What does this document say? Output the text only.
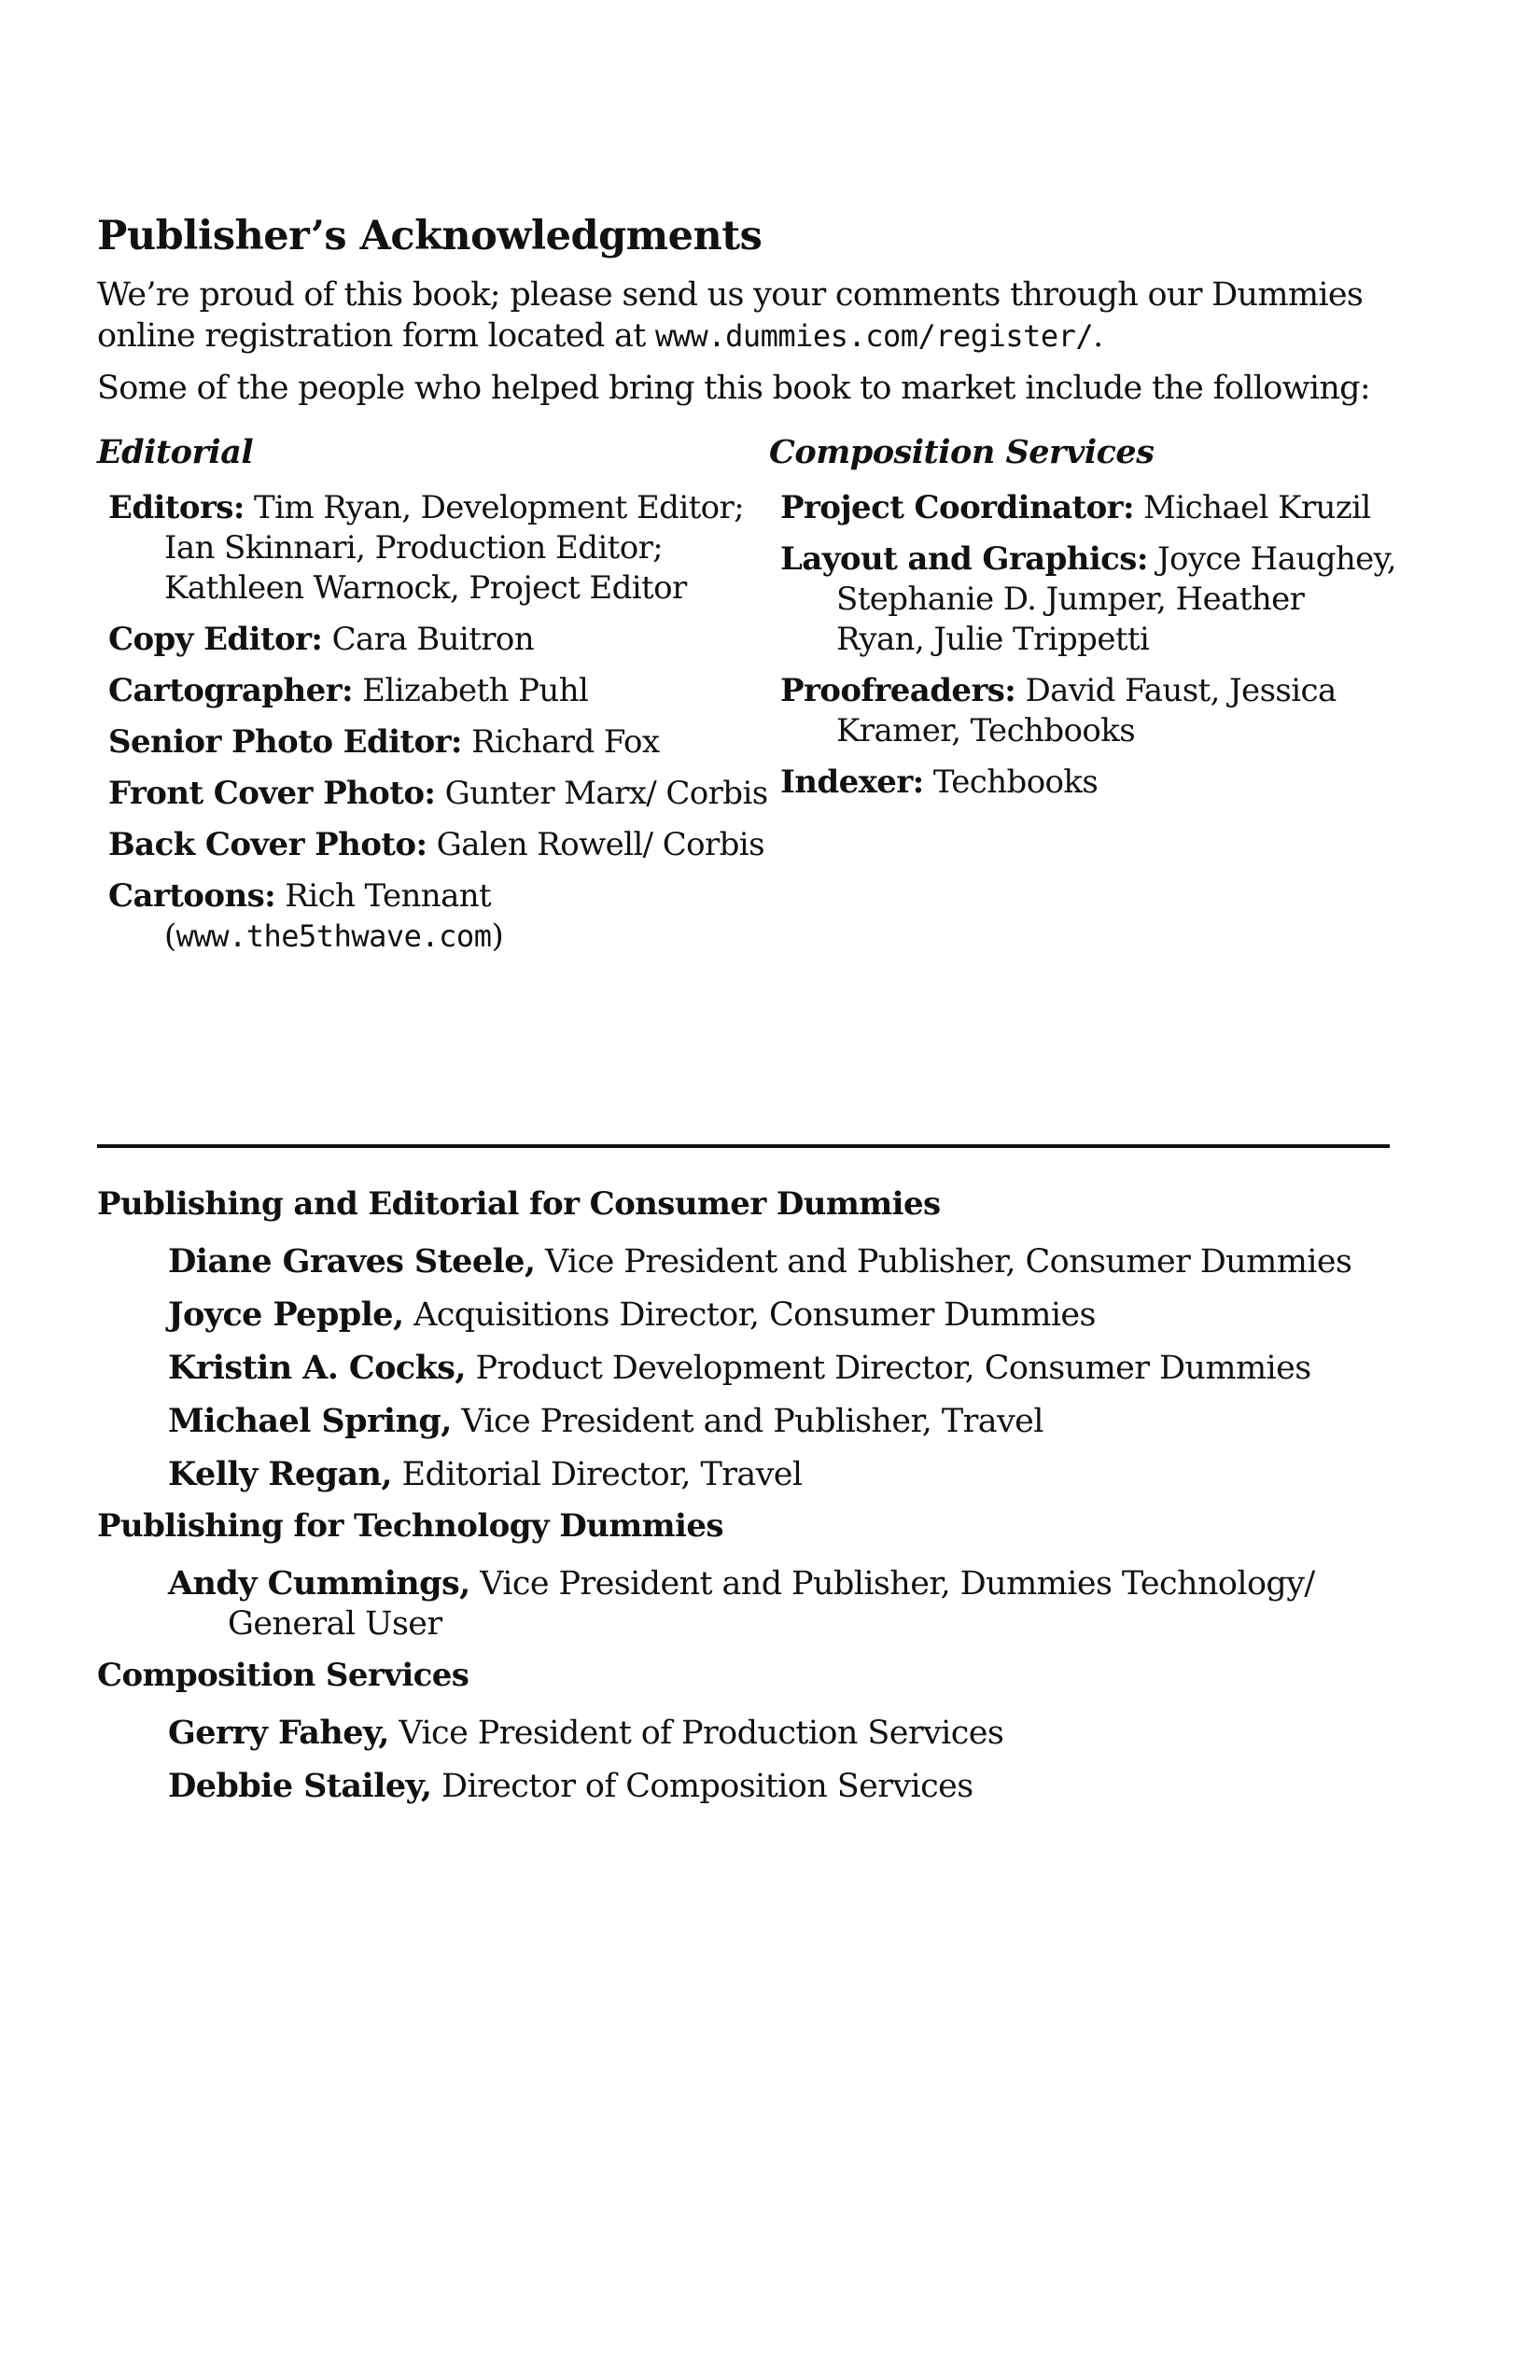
Publisher’s Acknowledgments

We’re proud of this book; please send us your comments through our Dummies online registration form located at www.dummies.com/register/.

Some of the people who helped bring this book to market include the following:

Editorial
Editors: Tim Ryan, Development Editor; Ian Skinnari, Production Editor; Kathleen Warnock, Project Editor
Copy Editor: Cara Buitron
Cartographer: Elizabeth Puhl
Senior Photo Editor: Richard Fox
Front Cover Photo: Gunter Marx/ Corbis
Back Cover Photo: Galen Rowell/ Corbis
Cartoons: Rich Tennant (www.the5thwave.com)
Composition Services
Project Coordinator: Michael Kruzil
Layout and Graphics: Joyce Haughey, Stephanie D. Jumper, Heather Ryan, Julie Trippetti
Proofreaders: David Faust, Jessica Kramer, Techbooks
Indexer: Techbooks
Publishing and Editorial for Consumer Dummies
Diane Graves Steele, Vice President and Publisher, Consumer Dummies
Joyce Pepple, Acquisitions Director, Consumer Dummies
Kristin A. Cocks, Product Development Director, Consumer Dummies
Michael Spring, Vice President and Publisher, Travel
Kelly Regan, Editorial Director, Travel
Publishing for Technology Dummies
Andy Cummings, Vice President and Publisher, Dummies Technology/ General User
Composition Services
Gerry Fahey, Vice President of Production Services
Debbie Stailey, Director of Composition Services
